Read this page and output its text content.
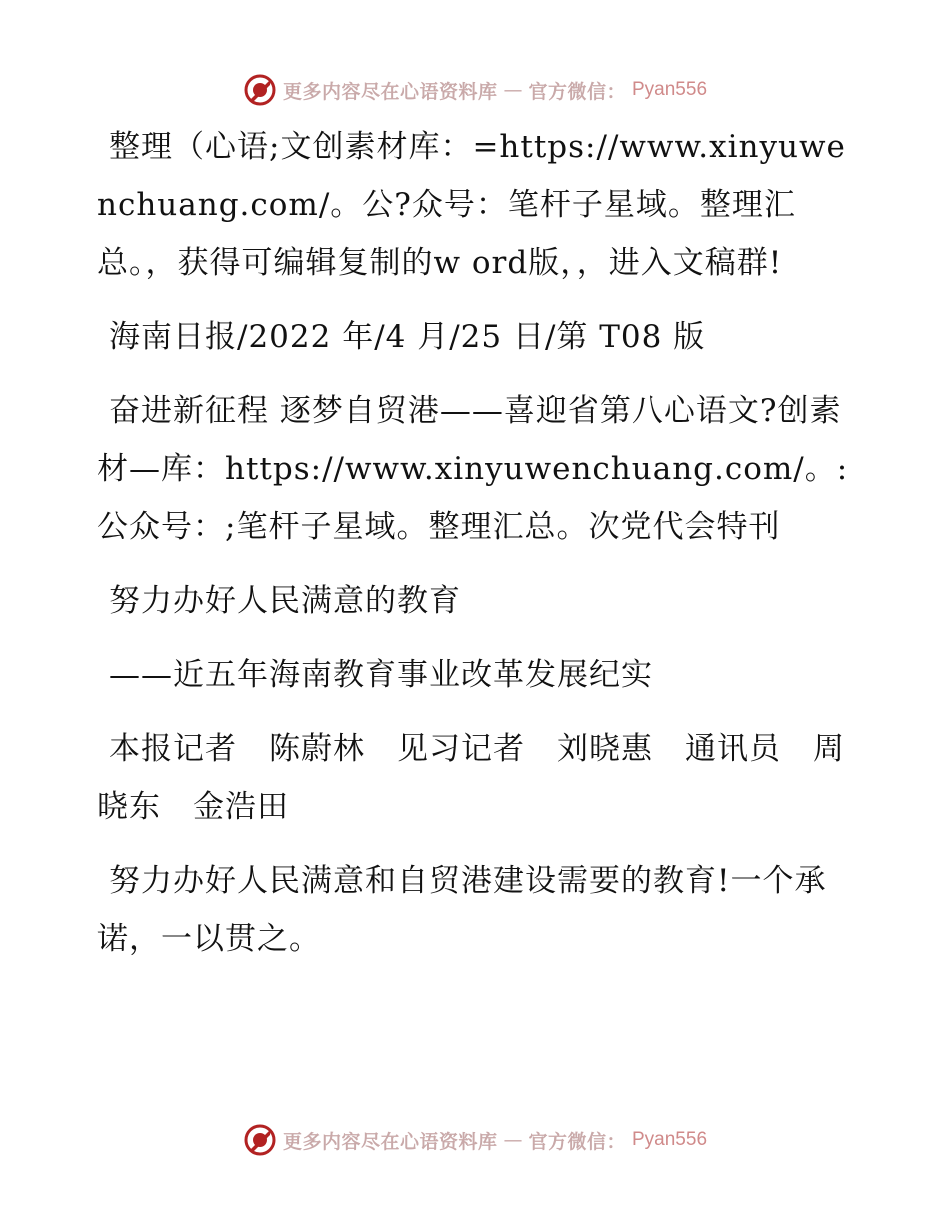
更多内容尽在心语资料库 — 官方微信： Pyan556

整理（心语;文创素材库：=https://www.xinyuwenchuang.com/。公?众号：笔杆子星域。整理汇总。，获得可编辑复制的w ord版，，进入文稿群!

海南日报/2022 年/4 月/25 日/第 T08 版

奋进新征程 逐梦自贸港——喜迎省第八心语文?创素材—库：https://www.xinyuwenchuang.com/。:公众号：;笔杆子星域。整理汇总。次党代会特刊

努力办好人民满意的教育

——近五年海南教育事业改革发展纪实

本报记者　陈蔚林　见习记者　刘晓惠　通讯员　周晓东　金浩田

努力办好人民满意和自贸港建设需要的教育!一个承诺，一以贯之。

更多内容尽在心语资料库 — 官方微信： Pyan556
